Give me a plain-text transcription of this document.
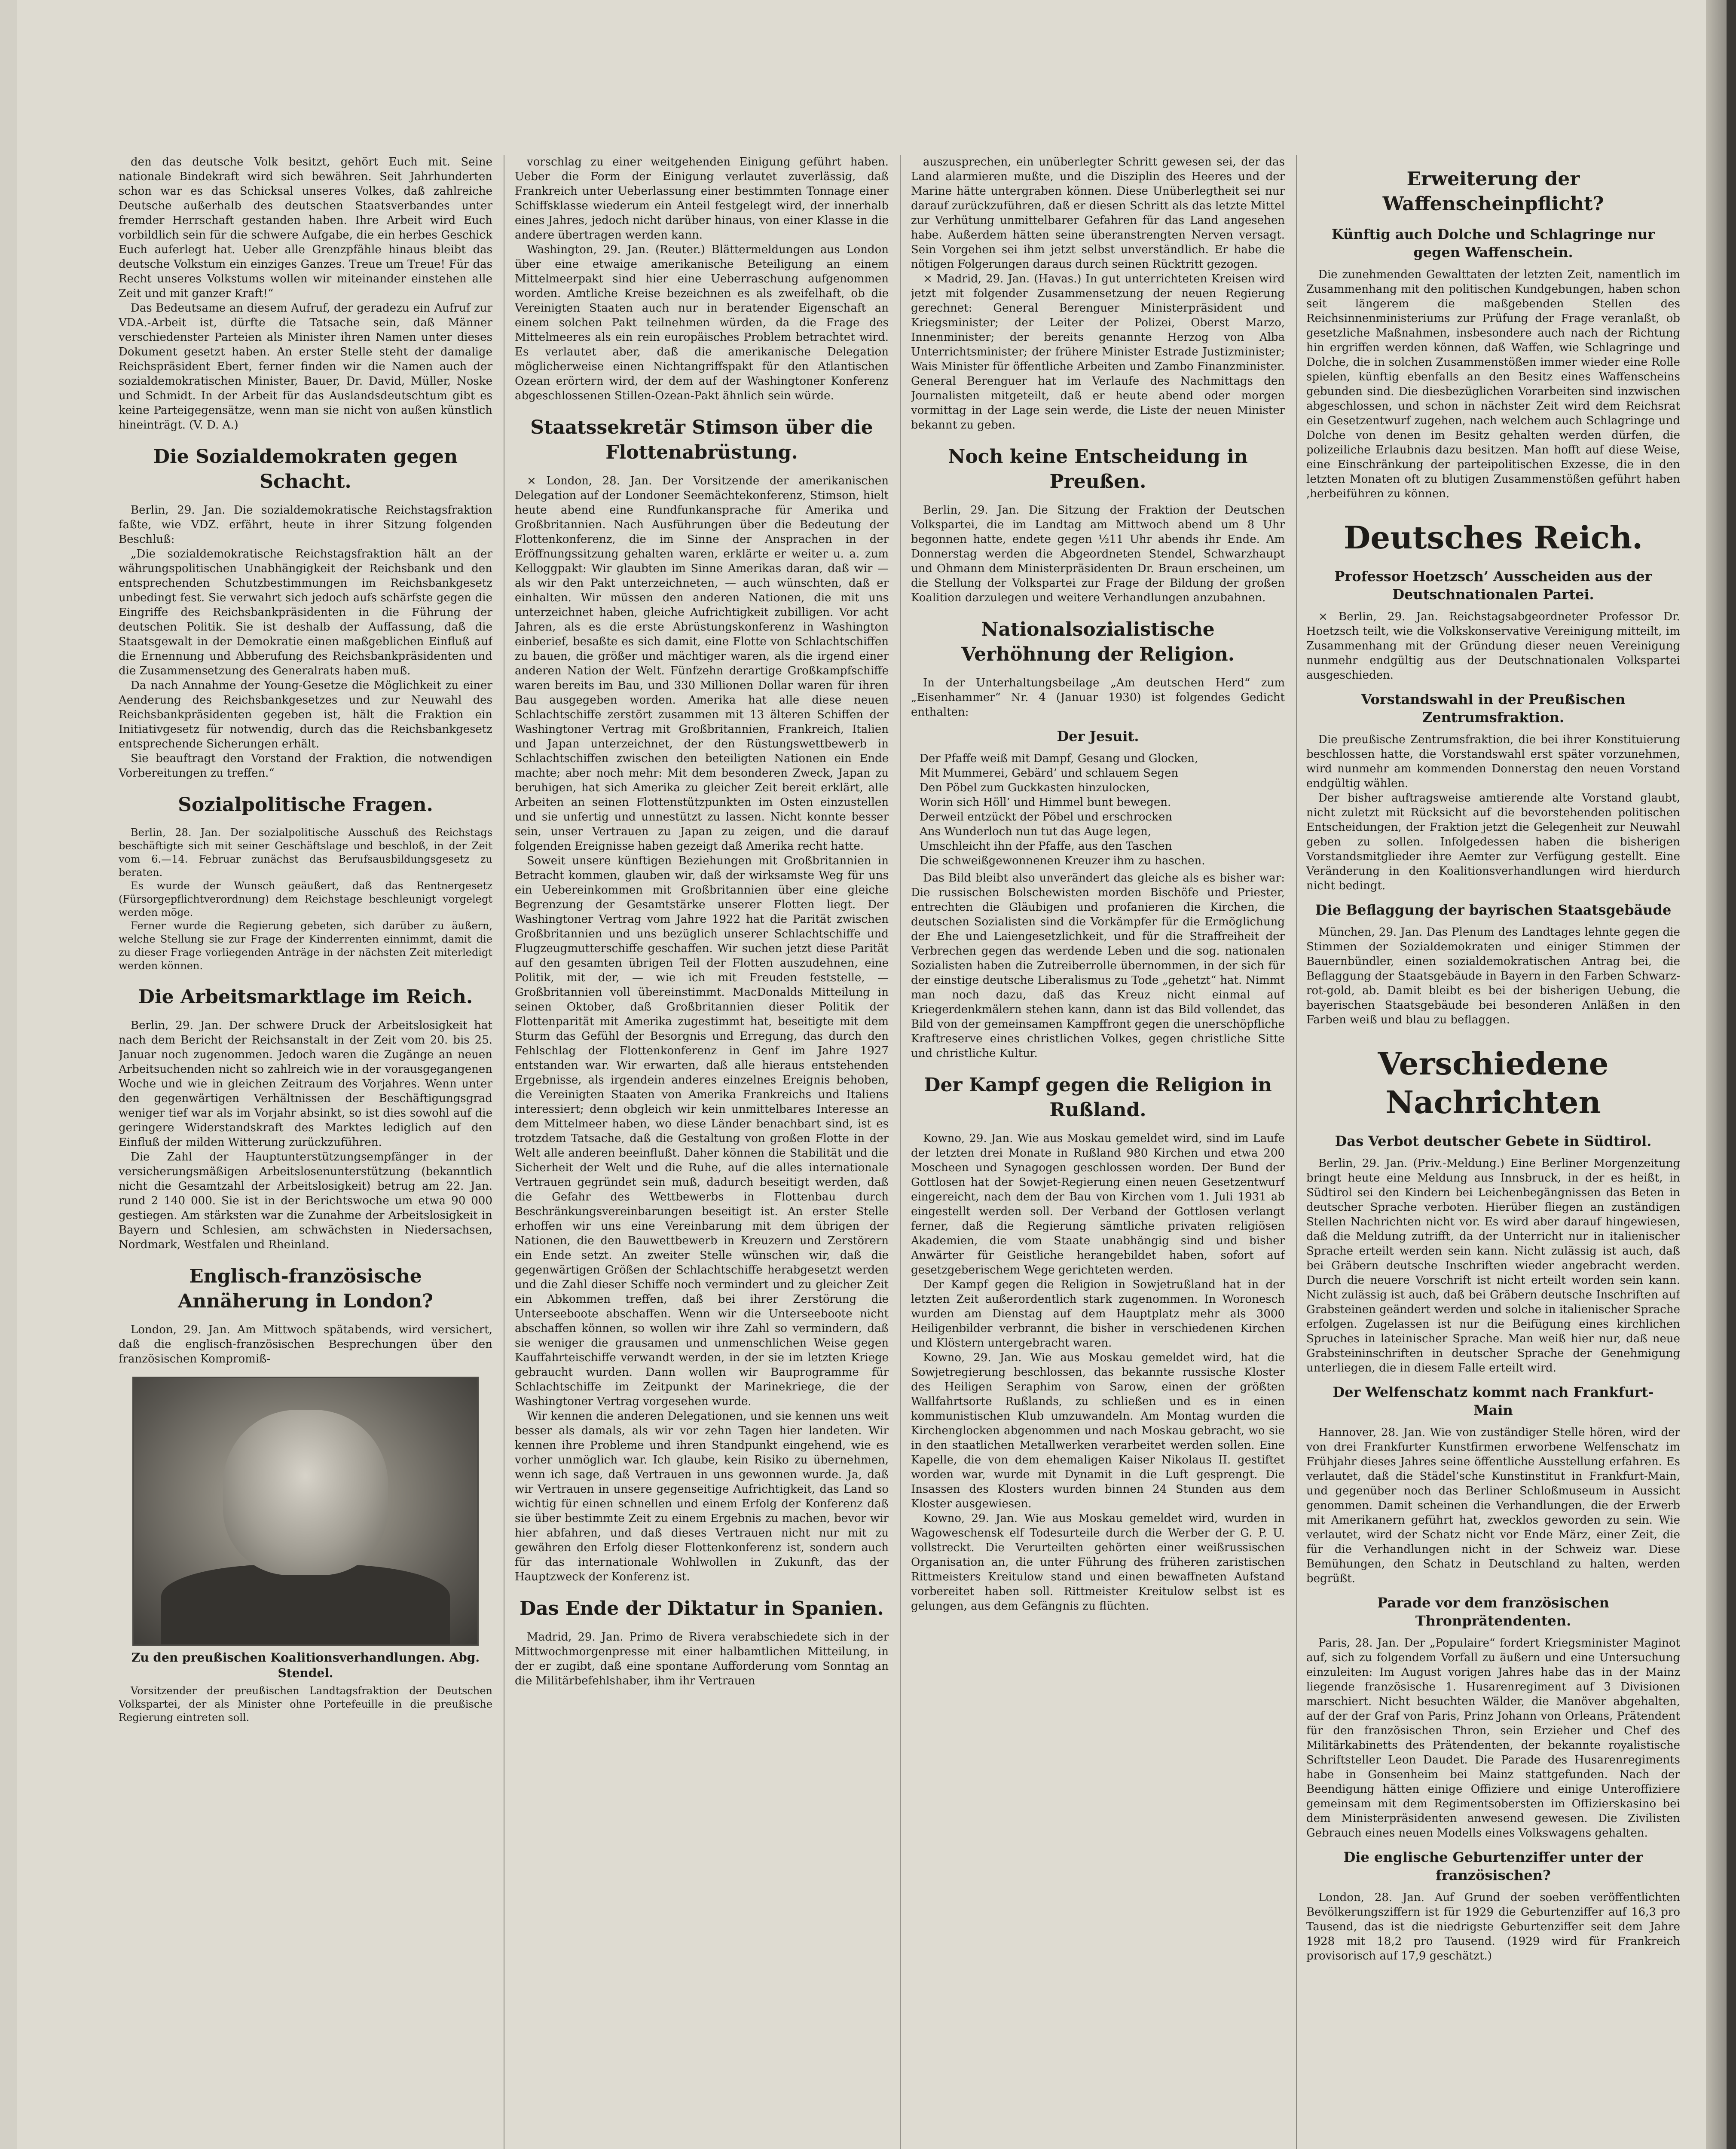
den das deutsche Volk besitzt, gehört Euch mit. Seine nationale Bindekraft wird sich bewähren. Seit Jahrhunderten schon war es das Schicksal unseres Volkes, daß zahlreiche Deutsche außerhalb des deutschen Staatsverbandes unter fremder Herrschaft gestanden haben. Ihre Arbeit wird Euch vorbildlich sein für die schwere Aufgabe, die ein herbes Geschick Euch auferlegt hat. Ueber alle Grenzpfähle hinaus bleibt das deutsche Volkstum ein einziges Ganzes. Treue um Treue! Für das Recht unseres Volkstums wollen wir miteinander einstehen alle Zeit und mit ganzer Kraft!“

Das Bedeutsame an diesem Aufruf, der geradezu ein Aufruf zur VDA.-Arbeit ist, dürfte die Tatsache sein, daß Männer verschiedenster Parteien als Minister ihren Namen unter dieses Dokument gesetzt haben. An erster Stelle steht der damalige Reichspräsident Ebert, ferner finden wir die Namen auch der sozialdemokratischen Minister, Bauer, Dr. David, Müller, Noske und Schmidt. In der Arbeit für das Auslandsdeutschtum gibt es keine Parteigegensätze, wenn man sie nicht von außen künstlich hineinträgt. (V. D. A.)

Die Sozialdemokraten gegen Schacht.

Berlin, 29. Jan. Die sozialdemokratische Reichstagsfraktion faßte, wie VDZ. erfährt, heute in ihrer Sitzung folgenden Beschluß:

„Die sozialdemokratische Reichstagsfraktion hält an der währungspolitischen Unabhängigkeit der Reichsbank und den entsprechenden Schutzbestimmungen im Reichsbankgesetz unbedingt fest. Sie verwahrt sich jedoch aufs schärfste gegen die Eingriffe des Reichsbankpräsidenten in die Führung der deutschen Politik. Sie ist deshalb der Auffassung, daß die Staatsgewalt in der Demokratie einen maßgeblichen Einfluß auf die Ernennung und Abberufung des Reichsbankpräsidenten und die Zusammensetzung des Generalrats haben muß.

Da nach Annahme der Young-Gesetze die Möglichkeit zu einer Aenderung des Reichsbankgesetzes und zur Neuwahl des Reichsbankpräsidenten gegeben ist, hält die Fraktion ein Initiativgesetz für notwendig, durch das die Reichsbankgesetz entsprechende Sicherungen erhält.

Sie beauftragt den Vorstand der Fraktion, die notwendigen Vorbereitungen zu treffen.“

Sozialpolitische Fragen.

Berlin, 28. Jan. Der sozialpolitische Ausschuß des Reichstags beschäftigte sich mit seiner Geschäftslage und beschloß, in der Zeit vom 6.—14. Februar zunächst das Berufsausbildungsgesetz zu beraten.

Es wurde der Wunsch geäußert, daß das Rentnergesetz (Fürsorgepflichtverordnung) dem Reichstage beschleunigt vorgelegt werden möge.

Ferner wurde die Regierung gebeten, sich darüber zu äußern, welche Stellung sie zur Frage der Kinderrenten einnimmt, damit die zu dieser Frage vorliegenden Anträge in der nächsten Zeit miterledigt werden können.

Die Arbeitsmarktlage im Reich.

Berlin, 29. Jan. Der schwere Druck der Arbeitslosigkeit hat nach dem Bericht der Reichsanstalt in der Zeit vom 20. bis 25. Januar noch zugenommen. Jedoch waren die Zugänge an neuen Arbeitsuchenden nicht so zahlreich wie in der vorausgegangenen Woche und wie in gleichen Zeitraum des Vorjahres. Wenn unter den gegenwärtigen Verhältnissen der Beschäftigungsgrad weniger tief war als im Vorjahr absinkt, so ist dies sowohl auf die geringere Widerstandskraft des Marktes lediglich auf den Einfluß der milden Witterung zurückzuführen.

Die Zahl der Hauptunterstützungsempfänger in der versicherungsmäßigen Arbeitslosenunterstützung (bekanntlich nicht die Gesamtzahl der Arbeitslosigkeit) betrug am 22. Jan. rund 2 140 000. Sie ist in der Berichtswoche um etwa 90 000 gestiegen. Am stärksten war die Zunahme der Arbeitslosigkeit in Bayern und Schlesien, am schwächsten in Niedersachsen, Nordmark, Westfalen und Rheinland.

Englisch-französische Annäherung in London?

London, 29. Jan. Am Mittwoch spätabends, wird versichert, daß die englisch-französischen Besprechungen über den französischen Kompromiß-

Zu den preußischen Koalitionsverhandlungen. Abg. Stendel.

Vorsitzender der preußischen Landtagsfraktion der Deutschen Volkspartei, der als Minister ohne Portefeuille in die preußische Regierung eintreten soll.

vorschlag zu einer weitgehenden Einigung geführt haben. Ueber die Form der Einigung verlautet zuverlässig, daß Frankreich unter Ueberlassung einer bestimmten Tonnage einer Schiffsklasse wiederum ein Anteil festgelegt wird, der innerhalb eines Jahres, jedoch nicht darüber hinaus, von einer Klasse in die andere übertragen werden kann.

Washington, 29. Jan. (Reuter.) Blättermeldungen aus London über eine etwaige amerikanische Beteiligung an einem Mittelmeerpakt sind hier eine Ueberraschung aufgenommen worden. Amtliche Kreise bezeichnen es als zweifelhaft, ob die Vereinigten Staaten auch nur in beratender Eigenschaft an einem solchen Pakt teilnehmen würden, da die Frage des Mittelmeeres als ein rein europäisches Problem betrachtet wird. Es verlautet aber, daß die amerikanische Delegation möglicherweise einen Nichtangriffspakt für den Atlantischen Ozean erörtern wird, der dem auf der Washingtoner Konferenz abgeschlossenen Stillen-Ozean-Pakt ähnlich sein würde.

Staatssekretär Stimson über die Flottenabrüstung.

× London, 28. Jan. Der Vorsitzende der amerikanischen Delegation auf der Londoner Seemächtekonferenz, Stimson, hielt heute abend eine Rundfunkansprache für Amerika und Großbritannien. Nach Ausführungen über die Bedeutung der Flottenkonferenz, die im Sinne der Ansprachen in der Eröffnungssitzung gehalten waren, erklärte er weiter u. a. zum Kelloggpakt: Wir glaubten im Sinne Amerikas daran, daß wir — als wir den Pakt unterzeichneten, — auch wünschten, daß er einhalten. Wir müssen den anderen Nationen, die mit uns unterzeichnet haben, gleiche Aufrichtigkeit zubilligen. Vor acht Jahren, als es die erste Abrüstungskonferenz in Washington einberief, besaßte es sich damit, eine Flotte von Schlachtschiffen zu bauen, die größer und mächtiger waren, als die irgend einer anderen Nation der Welt. Fünfzehn derartige Großkampfschiffe waren bereits im Bau, und 330 Millionen Dollar waren für ihren Bau ausgegeben worden. Amerika hat alle diese neuen Schlachtschiffe zerstört zusammen mit 13 älteren Schiffen der Washingtoner Vertrag mit Großbritannien, Frankreich, Italien und Japan unterzeichnet, der den Rüstungswettbewerb in Schlachtschiffen zwischen den beteiligten Nationen ein Ende machte; aber noch mehr: Mit dem besonderen Zweck, Japan zu beruhigen, hat sich Amerika zu gleicher Zeit bereit erklärt, alle Arbeiten an seinen Flottenstützpunkten im Osten einzustellen und sie unfertig und unnestützt zu lassen. Nicht konnte besser sein, unser Vertrauen zu Japan zu zeigen, und die darauf folgenden Ereignisse haben gezeigt daß Amerika recht hatte.

Soweit unsere künftigen Beziehungen mit Großbritannien in Betracht kommen, glauben wir, daß der wirksamste Weg für uns ein Uebereinkommen mit Großbritannien über eine gleiche Begrenzung der Gesamtstärke unserer Flotten liegt. Der Washingtoner Vertrag vom Jahre 1922 hat die Parität zwischen Großbritannien und uns bezüglich unserer Schlachtschiffe und Flugzeugmutterschiffe geschaffen. Wir suchen jetzt diese Parität auf den gesamten übrigen Teil der Flotten auszudehnen, eine Politik, mit der, — wie ich mit Freuden feststelle, — Großbritannien voll übereinstimmt. MacDonalds Mitteilung in seinen Oktober, daß Großbritannien dieser Politik der Flottenparität mit Amerika zugestimmt hat, beseitigte mit dem Sturm das Gefühl der Besorgnis und Erregung, das durch den Fehlschlag der Flottenkonferenz in Genf im Jahre 1927 entstanden war. Wir erwarten, daß alle hieraus entstehenden Ergebnisse, als irgendein anderes einzelnes Ereignis behoben, die Vereinigten Staaten von Amerika Frankreichs und Italiens interessiert; denn obgleich wir kein unmittelbares Interesse an dem Mittelmeer haben, wo diese Länder benachbart sind, ist es trotzdem Tatsache, daß die Gestaltung von großen Flotte in der Welt alle anderen beeinflußt. Daher können die Stabilität und die Sicherheit der Welt und die Ruhe, auf die alles internationale Vertrauen gegründet sein muß, dadurch beseitigt werden, daß die Gefahr des Wettbewerbs in Flottenbau durch Beschränkungsvereinbarungen beseitigt ist. An erster Stelle erhoffen wir uns eine Vereinbarung mit dem übrigen der Nationen, die den Bauwettbewerb in Kreuzern und Zerstörern ein Ende setzt. An zweiter Stelle wünschen wir, daß die gegenwärtigen Größen der Schlachtschiffe herabgesetzt werden und die Zahl dieser Schiffe noch vermindert und zu gleicher Zeit ein Abkommen treffen, daß bei ihrer Zerstörung die Unterseeboote abschaffen. Wenn wir die Unterseeboote nicht abschaffen können, so wollen wir ihre Zahl so vermindern, daß sie weniger die grausamen und unmenschlichen Weise gegen Kauffahrteischiffe verwandt werden, in der sie im letzten Kriege gebraucht wurden. Dann wollen wir Bauprogramme für Schlachtschiffe im Zeitpunkt der Marinekriege, die der Washingtoner Vertrag vorgesehen wurde.

Wir kennen die anderen Delegationen, und sie kennen uns weit besser als damals, als wir vor zehn Tagen hier landeten. Wir kennen ihre Probleme und ihren Standpunkt eingehend, wie es vorher unmöglich war. Ich glaube, kein Risiko zu übernehmen, wenn ich sage, daß Vertrauen in uns gewonnen wurde. Ja, daß wir Vertrauen in unsere gegenseitige Aufrichtigkeit, das Land so wichtig für einen schnellen und einem Erfolg der Konferenz daß sie über bestimmte Zeit zu einem Ergebnis zu machen, bevor wir hier abfahren, und daß dieses Vertrauen nicht nur mit zu gewähren den Erfolg dieser Flottenkonferenz ist, sondern auch für das internationale Wohlwollen in Zukunft, das der Hauptzweck der Konferenz ist.

Das Ende der Diktatur in Spanien.

Madrid, 29. Jan. Primo de Rivera verabschiedete sich in der Mittwochmorgenpresse mit einer halbamtlichen Mitteilung, in der er zugibt, daß eine spontane Aufforderung vom Sonntag an die Militärbefehlshaber, ihm ihr Vertrauen

auszusprechen, ein unüberlegter Schritt gewesen sei, der das Land alarmieren mußte, und die Disziplin des Heeres und der Marine hätte untergraben können. Diese Unüberlegtheit sei nur darauf zurückzuführen, daß er diesen Schritt als das letzte Mittel zur Verhütung unmittelbarer Gefahren für das Land angesehen habe. Außerdem hätten seine überanstrengten Nerven versagt. Sein Vorgehen sei ihm jetzt selbst unverständlich. Er habe die nötigen Folgerungen daraus durch seinen Rücktritt gezogen.

× Madrid, 29. Jan. (Havas.) In gut unterrichteten Kreisen wird jetzt mit folgender Zusammensetzung der neuen Regierung gerechnet: General Berenguer Ministerpräsident und Kriegsminister; der Leiter der Polizei, Oberst Marzo, Innenminister; der bereits genannte Herzog von Alba Unterrichtsminister; der frühere Minister Estrade Justizminister; Wais Minister für öffentliche Arbeiten und Zambo Finanzminister. General Berenguer hat im Verlaufe des Nachmittags den Journalisten mitgeteilt, daß er heute abend oder morgen vormittag in der Lage sein werde, die Liste der neuen Minister bekannt zu geben.

Noch keine Entscheidung in Preußen.

Berlin, 29. Jan. Die Sitzung der Fraktion der Deutschen Volkspartei, die im Landtag am Mittwoch abend um 8 Uhr begonnen hatte, endete gegen ½11 Uhr abends ihr Ende. Am Donnerstag werden die Abgeordneten Stendel, Schwarzhaupt und Ohmann dem Ministerpräsidenten Dr. Braun erscheinen, um die Stellung der Volkspartei zur Frage der Bildung der großen Koalition darzulegen und weitere Verhandlungen anzubahnen.

Nationalsozialistische Verhöhnung der Religion.

In der Unterhaltungsbeilage „Am deutschen Herd“ zum „Eisenhammer“ Nr. 4 (Januar 1930) ist folgendes Gedicht enthalten:

Der Jesuit.
Der Pfaffe weiß mit Dampf, Gesang und Glocken,
Mit Mummerei, Gebärd’ und schlauem Segen
Den Pöbel zum Guckkasten hinzulocken,
Worin sich Höll’ und Himmel bunt bewegen.
Derweil entzückt der Pöbel und erschrocken
Ans Wunderloch nun tut das Auge legen,
Umschleicht ihn der Pfaffe, aus den Taschen
Die schweißgewonnenen Kreuzer ihm zu haschen.

Das Bild bleibt also unverändert das gleiche als es bisher war: Die russischen Bolschewisten morden Bischöfe und Priester, entrechten die Gläubigen und profanieren die Kirchen, die deutschen Sozialisten sind die Vorkämpfer für die Ermöglichung der Ehe und Laiengesetzlichkeit, und für die Straffreiheit der Verbrechen gegen das werdende Leben und die sog. nationalen Sozialisten haben die Zutreiberrolle übernommen, in der sich für der einstige deutsche Liberalismus zu Tode „gehetzt“ hat. Nimmt man noch dazu, daß das Kreuz nicht einmal auf Kriegerdenkmälern stehen kann, dann ist das Bild vollendet, das Bild von der gemeinsamen Kampffront gegen die unerschöpfliche Kraftreserve eines christlichen Volkes, gegen christliche Sitte und christliche Kultur.

Der Kampf gegen die Religion in Rußland.

Kowno, 29. Jan. Wie aus Moskau gemeldet wird, sind im Laufe der letzten drei Monate in Rußland 980 Kirchen und etwa 200 Moscheen und Synagogen geschlossen worden. Der Bund der Gottlosen hat der Sowjet-Regierung einen neuen Gesetzentwurf eingereicht, nach dem der Bau von Kirchen vom 1. Juli 1931 ab eingestellt werden soll. Der Verband der Gottlosen verlangt ferner, daß die Regierung sämtliche privaten religiösen Akademien, die vom Staate unabhängig sind und bisher Anwärter für Geistliche herangebildet haben, sofort auf gesetzgeberischem Wege gerichteten werden.

Der Kampf gegen die Religion in Sowjetrußland hat in der letzten Zeit außerordentlich stark zugenommen. In Woronesch wurden am Dienstag auf dem Hauptplatz mehr als 3000 Heiligenbilder verbrannt, die bisher in verschiedenen Kirchen und Klöstern untergebracht waren.

Kowno, 29. Jan. Wie aus Moskau gemeldet wird, hat die Sowjetregierung beschlossen, das bekannte russische Kloster des Heiligen Seraphim von Sarow, einen der größten Wallfahrtsorte Rußlands, zu schließen und es in einen kommunistischen Klub umzuwandeln. Am Montag wurden die Kirchenglocken abgenommen und nach Moskau gebracht, wo sie in den staatlichen Metallwerken verarbeitet werden sollen. Eine Kapelle, die von dem ehemaligen Kaiser Nikolaus II. gestiftet worden war, wurde mit Dynamit in die Luft gesprengt. Die Insassen des Klosters wurden binnen 24 Stunden aus dem Kloster ausgewiesen.

Kowno, 29. Jan. Wie aus Moskau gemeldet wird, wurden in Wagoweschensk elf Todesurteile durch die Werber der G. P. U. vollstreckt. Die Verurteilten gehörten einer weißrussischen Organisation an, die unter Führung des früheren zaristischen Rittmeisters Kreitulow stand und einen bewaffneten Aufstand vorbereitet haben soll. Rittmeister Kreitulow selbst ist es gelungen, aus dem Gefängnis zu flüchten.

Erweiterung der Waffenscheinpflicht?
Künftig auch Dolche und Schlagringe nur gegen Waffenschein.

Die zunehmenden Gewalttaten der letzten Zeit, namentlich im Zusammenhang mit den politischen Kundgebungen, haben schon seit längerem die maßgebenden Stellen des Reichsinnenministeriums zur Prüfung der Frage veranlaßt, ob gesetzliche Maßnahmen, insbesondere auch nach der Richtung hin ergriffen werden können, daß Waffen, wie Schlagringe und Dolche, die in solchen Zusammenstößen immer wieder eine Rolle spielen, künftig ebenfalls an den Besitz eines Waffenscheins gebunden sind. Die diesbezüglichen Vorarbeiten sind inzwischen abgeschlossen, und schon in nächster Zeit wird dem Reichsrat ein Gesetzentwurf zugehen, nach welchem auch Schlagringe und Dolche von denen im Besitz gehalten werden dürfen, die polizeiliche Erlaubnis dazu besitzen. Man hofft auf diese Weise, eine Einschränkung der parteipolitischen Exzesse, die in den letzten Monaten oft zu blutigen Zusammenstößen geführt haben ,herbeiführen zu können.

Deutsches Reich.
Professor Hoetzsch’ Ausscheiden aus der Deutschnationalen Partei.

× Berlin, 29. Jan. Reichstagsabgeordneter Professor Dr. Hoetzsch teilt, wie die Volkskonservative Vereinigung mitteilt, im Zusammenhang mit der Gründung dieser neuen Vereinigung nunmehr endgültig aus der Deutschnationalen Volkspartei ausgeschieden.

Vorstandswahl in der Preußischen Zentrumsfraktion.

Die preußische Zentrumsfraktion, die bei ihrer Konstituierung beschlossen hatte, die Vorstandswahl erst später vorzunehmen, wird nunmehr am kommenden Donnerstag den neuen Vorstand endgültig wählen.

Der bisher auftragsweise amtierende alte Vorstand glaubt, nicht zuletzt mit Rücksicht auf die bevorstehenden politischen Entscheidungen, der Fraktion jetzt die Gelegenheit zur Neuwahl geben zu sollen. Infolgedessen haben die bisherigen Vorstandsmitglieder ihre Aemter zur Verfügung gestellt. Eine Veränderung in den Koalitionsverhandlungen wird hierdurch nicht bedingt.

Die Beflaggung der bayrischen Staatsgebäude

München, 29. Jan. Das Plenum des Landtages lehnte gegen die Stimmen der Sozialdemokraten und einiger Stimmen der Bauernbündler, einen sozialdemokratischen Antrag bei, die Beflaggung der Staatsgebäude in Bayern in den Farben Schwarz-rot-gold, ab. Damit bleibt es bei der bisherigen Uebung, die bayerischen Staatsgebäude bei besonderen Anläßen in den Farben weiß und blau zu beflaggen.

Verschiedene Nachrichten
Das Verbot deutscher Gebete in Südtirol.

Berlin, 29. Jan. (Priv.-Meldung.) Eine Berliner Morgenzeitung bringt heute eine Meldung aus Innsbruck, in der es heißt, in Südtirol sei den Kindern bei Leichenbegängnissen das Beten in deutscher Sprache verboten. Hierüber fliegen an zuständigen Stellen Nachrichten nicht vor. Es wird aber darauf hingewiesen, daß die Meldung zutrifft, da der Unterricht nur in italienischer Sprache erteilt werden sein kann. Nicht zulässig ist auch, daß bei Gräbern deutsche Inschriften wieder angebracht werden. Durch die neuere Vorschrift ist nicht erteilt worden sein kann. Nicht zulässig ist auch, daß bei Gräbern deutsche Inschriften auf Grabsteinen geändert werden und solche in italienischer Sprache erfolgen. Zugelassen ist nur die Beifügung eines kirchlichen Spruches in lateinischer Sprache. Man weiß hier nur, daß neue Grabsteininschriften in deutscher Sprache der Genehmigung unterliegen, die in diesem Falle erteilt wird.

Der Welfenschatz kommt nach Frankfurt-Main

Hannover, 28. Jan. Wie von zuständiger Stelle hören, wird der von drei Frankfurter Kunstfirmen erworbene Welfenschatz im Frühjahr dieses Jahres seine öffentliche Ausstellung erfahren. Es verlautet, daß die Städel’sche Kunstinstitut in Frankfurt-Main, und gegenüber noch das Berliner Schloßmuseum in Aussicht genommen. Damit scheinen die Verhandlungen, die der Erwerb mit Amerikanern geführt hat, zwecklos geworden zu sein. Wie verlautet, wird der Schatz nicht vor Ende März, einer Zeit, die für die Verhandlungen nicht in der Schweiz war. Diese Bemühungen, den Schatz in Deutschland zu halten, werden begrüßt.

Parade vor dem französischen Thronprätendenten.

Paris, 28. Jan. Der „Populaire“ fordert Kriegsminister Maginot auf, sich zu folgendem Vorfall zu äußern und eine Untersuchung einzuleiten: Im August vorigen Jahres habe das in der Mainz liegende französische 1. Husarenregiment auf 3 Divisionen marschiert. Nicht besuchten Wälder, die Manöver abgehalten, auf der der Graf von Paris, Prinz Johann von Orleans, Prätendent für den französischen Thron, sein Erzieher und Chef des Militärkabinetts des Prätendenten, der bekannte royalistische Schriftsteller Leon Daudet. Die Parade des Husarenregiments habe in Gonsenheim bei Mainz stattgefunden. Nach der Beendigung hätten einige Offiziere und einige Unteroffiziere gemeinsam mit dem Regimentsobersten im Offizierskasino bei dem Ministerpräsidenten anwesend gewesen. Die Zivilisten Gebrauch eines neuen Modells eines Volkswagens gehalten.

Die englische Geburtenziffer unter der französischen?

London, 28. Jan. Auf Grund der soeben veröffentlichten Bevölkerungsziffern ist für 1929 die Geburtenziffer auf 16,3 pro Tausend, das ist die niedrigste Geburtenziffer seit dem Jahre 1928 mit 18,2 pro Tausend. (1929 wird für Frankreich provisorisch auf 17,9 geschätzt.)
